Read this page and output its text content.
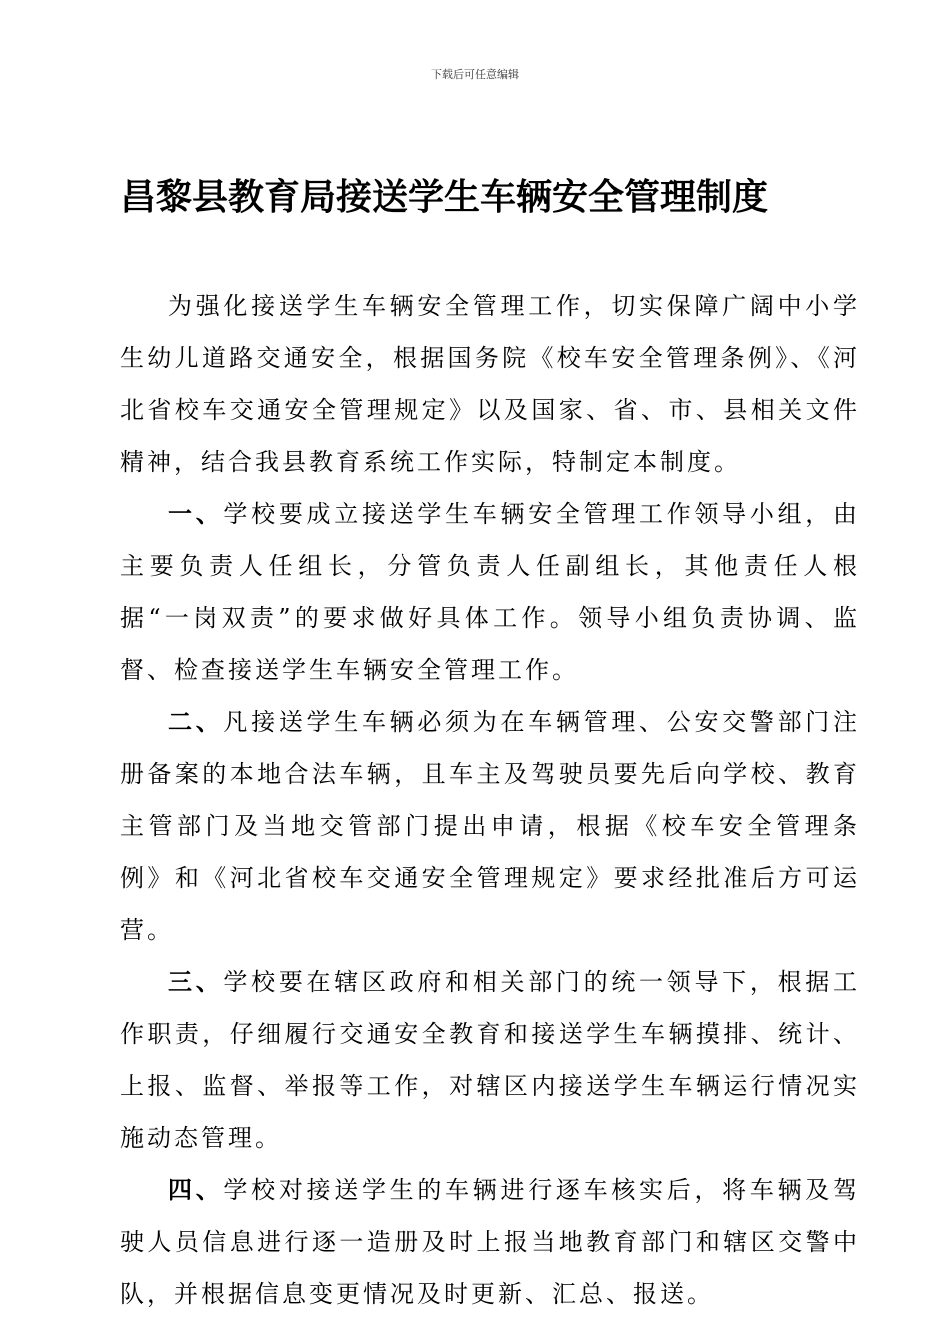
下载后可任意编辑
昌黎县教育局接送学生车辆安全管理制度

为强化接送学生车辆安全管理工作，切实保障广阔中小学生幼儿道路交通安全，根据国务院《校车安全管理条例》、《河北省校车交通安全管理规定》以及国家、省、市、县相关文件精神，结合我县教育系统工作实际，特制定本制度。

一、学校要成立接送学生车辆安全管理工作领导小组，由主要负责人任组长，分管负责人任副组长，其他责任人根据“一岗双责”的要求做好具体工作。领导小组负责协调、监督、检查接送学生车辆安全管理工作。

二、凡接送学生车辆必须为在车辆管理、公安交警部门注册备案的本地合法车辆，且车主及驾驶员要先后向学校、教育主管部门及当地交管部门提出申请，根据《校车安全管理条例》和《河北省校车交通安全管理规定》要求经批准后方可运营。

三、学校要在辖区政府和相关部门的统一领导下，根据工作职责，仔细履行交通安全教育和接送学生车辆摸排、统计、上报、监督、举报等工作，对辖区内接送学生车辆运行情况实施动态管理。

四、学校对接送学生的车辆进行逐车核实后，将车辆及驾驶人员信息进行逐一造册及时上报当地教育部门和辖区交警中队，并根据信息变更情况及时更新、汇总、报送。
